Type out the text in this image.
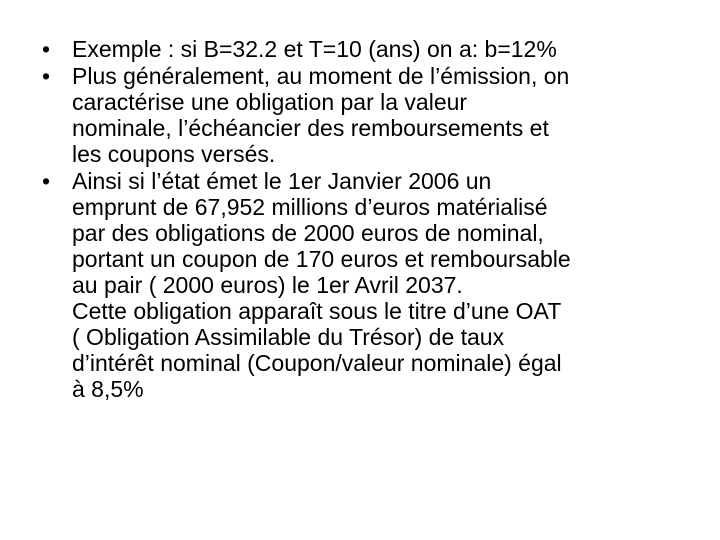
• Exemple : si B=32.2 et T=10 (ans) on a: b=12%
• Plus généralement, au moment de l’émission, on
caractérise une obligation par la valeur
nominale, l’échéancier des remboursements et
les coupons versés.
• Ainsi si l’état émet le 1er Janvier 2006 un
emprunt de 67,952 millions d’euros matérialisé
par des obligations de 2000 euros de nominal,
portant un coupon de 170 euros et remboursable
au pair ( 2000 euros) le 1er Avril 2037.
Cette obligation apparaît sous le titre d’une OAT
( Obligation Assimilable du Trésor) de taux
d’intérêt nominal (Coupon/valeur nominale) égal
à 8,5%
